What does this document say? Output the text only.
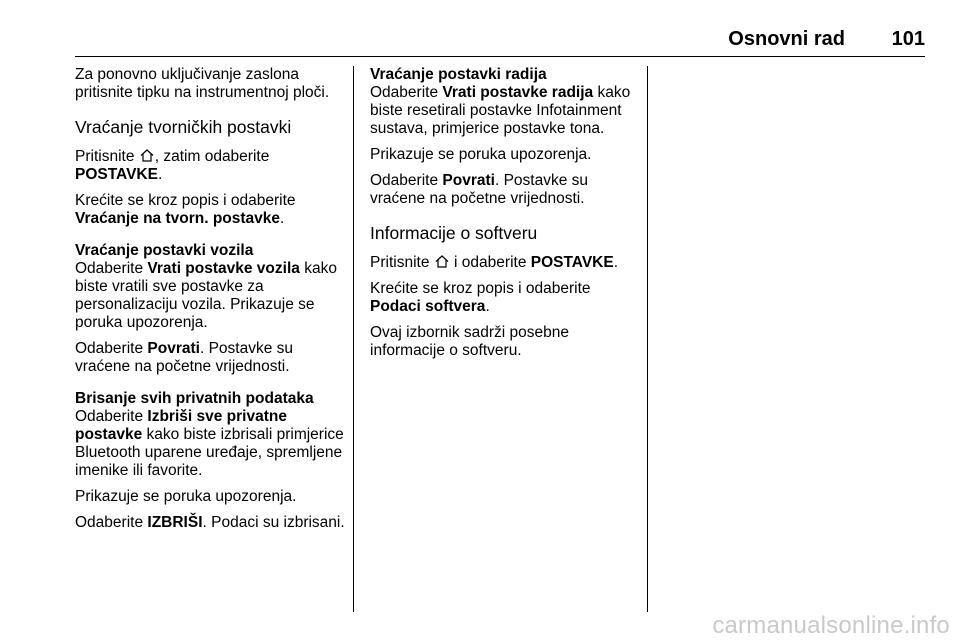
Osnovni rad 101

Za ponovno uključivanje zaslona pritisnite tipku na instrumentnoj ploči.

Vraćanje tvorničkih postavki

Pritisnite , zatim odaberite
POSTAVKE.

Krećite se kroz popis i odaberite
Vraćanje na tvorn. postavke.

Vraćanje postavki vozila

Odaberite Vrati postavke vozila kako biste vratili sve postavke za personalizaciju vozila. Prikazuje se poruka upozorenja.

Odaberite Povrati. Postavke su vraćene na početne vrijednosti.

Brisanje svih privatnih podataka

Odaberite Izbriši sve privatne postavke kako biste izbrisali primjerice Bluetooth uparene uređaje, spremljene imenike ili favorite.

Prikazuje se poruka upozorenja.

Odaberite IZBRIŠI. Podaci su izbrisani.

Vraćanje postavki radija

Odaberite Vrati postavke radija kako biste resetirali postavke Infotainment sustava, primjerice postavke tona.

Prikazuje se poruka upozorenja.

Odaberite Povrati. Postavke su vraćene na početne vrijednosti.

Informacije o softveru

Pritisnite  i odaberite POSTAVKE.

Krećite se kroz popis i odaberite
Podaci softvera.

Ovaj izbornik sadrži posebne informacije o softveru.

carmanualsonline.info
